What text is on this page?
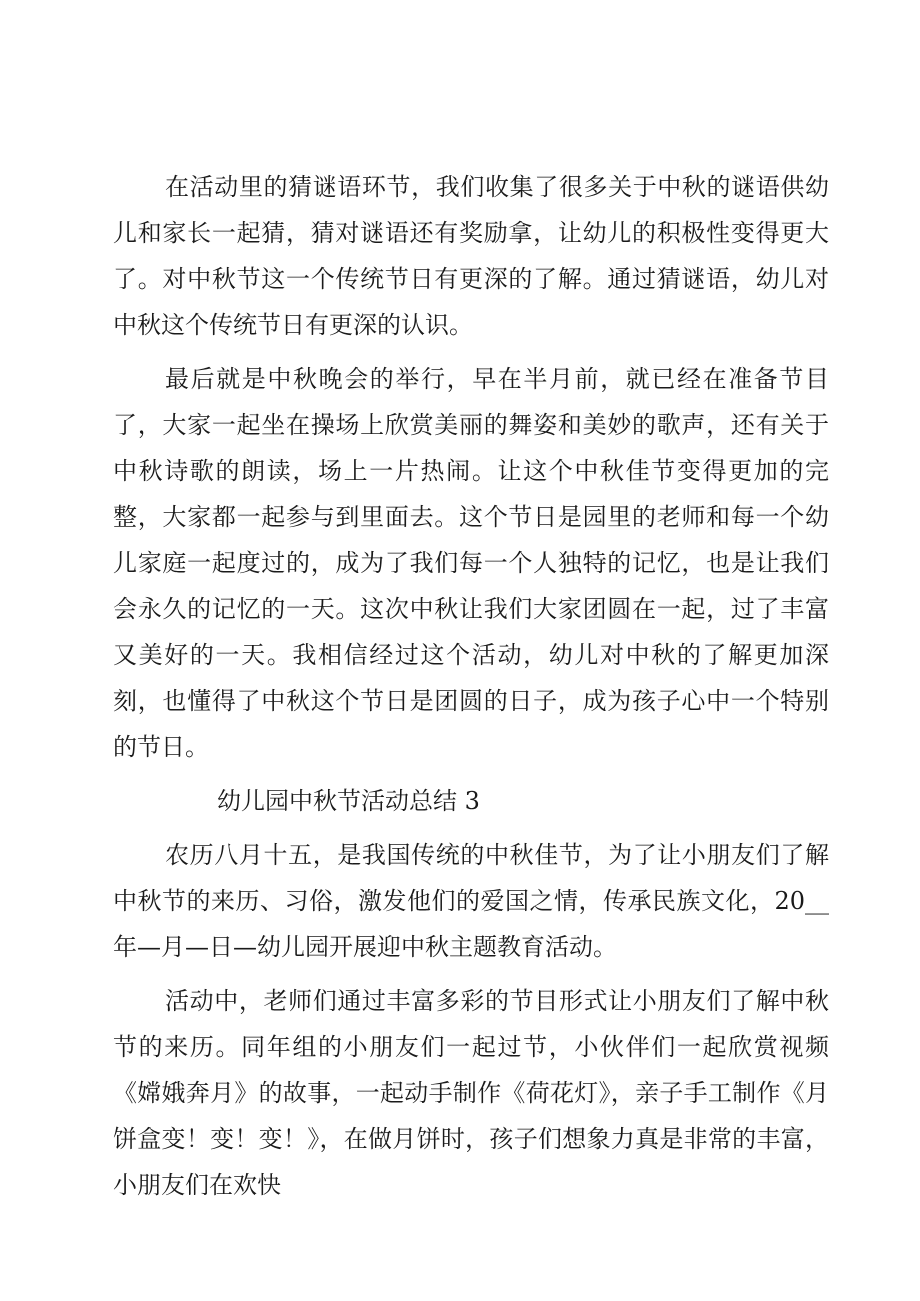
在活动里的猜谜语环节，我们收集了很多关于中秋的谜语供幼儿和家长一起猜，猜对谜语还有奖励拿，让幼儿的积极性变得更大了。对中秋节这一个传统节日有更深的了解。通过猜谜语，幼儿对中秋这个传统节日有更深的认识。

最后就是中秋晚会的举行，早在半月前，就已经在准备节目了，大家一起坐在操场上欣赏美丽的舞姿和美妙的歌声，还有关于中秋诗歌的朗读，场上一片热闹。让这个中秋佳节变得更加的完整，大家都一起参与到里面去。这个节日是园里的老师和每一个幼儿家庭一起度过的，成为了我们每一个人独特的记忆，也是让我们会永久的记忆的一天。这次中秋让我们大家团圆在一起，过了丰富又美好的一天。我相信经过这个活动，幼儿对中秋的了解更加深刻，也懂得了中秋这个节日是团圆的日子，成为孩子心中一个特别的节日。

幼儿园中秋节活动总结 3

农历八月十五，是我国传统的中秋佳节，为了让小朋友们了解中秋节的来历、习俗，激发他们的爱国之情，传承民族文化，20__年—月—日—幼儿园开展迎中秋主题教育活动。

活动中，老师们通过丰富多彩的节目形式让小朋友们了解中秋节的来历。同年组的小朋友们一起过节，小伙伴们一起欣赏视频《嫦娥奔月》的故事，一起动手制作《荷花灯》，亲子手工制作《月饼盒变！变！变！》，在做月饼时，孩子们想象力真是非常的丰富，小朋友们在欢快
